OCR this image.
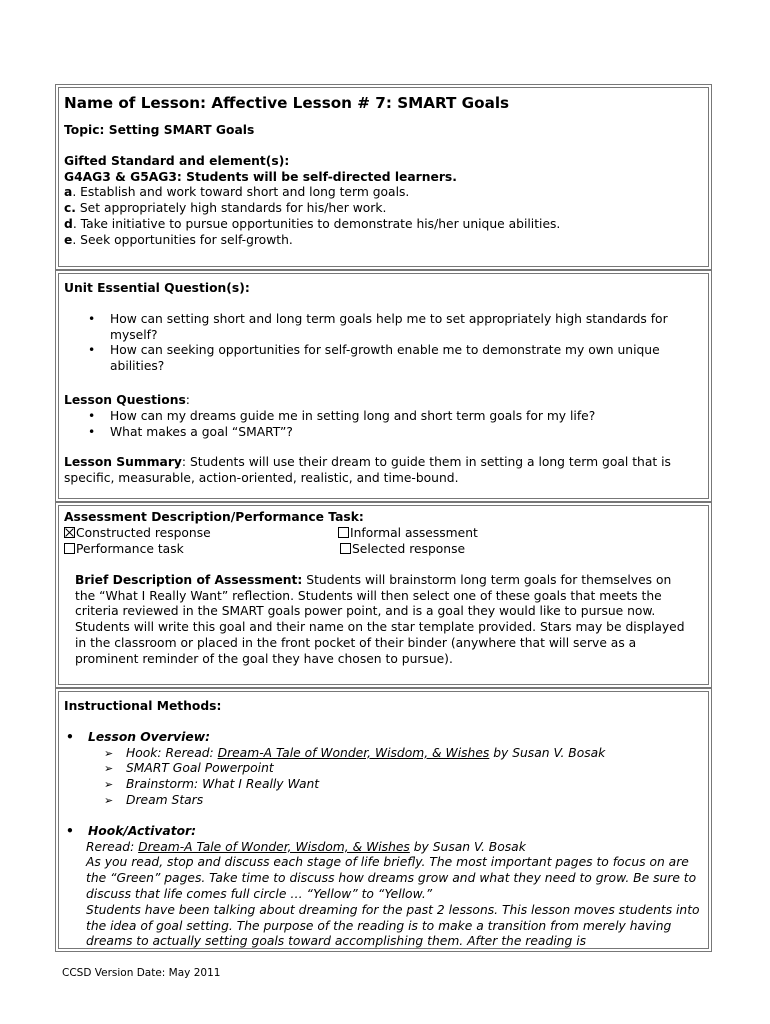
Name of Lesson: Affective Lesson # 7: SMART Goals

Topic: Setting SMART Goals

Gifted Standard and element(s):

G4AG3 & G5AG3: Students will be self-directed learners.

a. Establish and work toward short and long term goals.

c. Set appropriately high standards for his/her work.

d. Take initiative to pursue opportunities to demonstrate his/her unique abilities.

e. Seek opportunities for self-growth.

Unit Essential Question(s):

• How can setting short and long term goals help me to set appropriately high standards for myself?
• How can seeking opportunities for self-growth enable me to demonstrate my own unique abilities?

Lesson Questions:

• How can my dreams guide me in setting long and short term goals for my life?
• What makes a goal “SMART”?

Lesson Summary: Students will use their dream to guide them in setting a long term goal that is specific, measurable, action-oriented, realistic, and time-bound.

Assessment Description/Performance Task:

Constructed response	Informal assessment
Performance task	Selected response

Brief Description of Assessment: Students will brainstorm long term goals for themselves on the “What I Really Want” reflection. Students will then select one of these goals that meets the criteria reviewed in the SMART goals power point, and is a goal they would like to pursue now. Students will write this goal and their name on the star template provided. Stars may be displayed in the classroom or placed in the front pocket of their binder (anywhere that will serve as a prominent reminder of the goal they have chosen to pursue).

Instructional Methods:

• Lesson Overview:

➢ Hook: Reread: Dream-A Tale of Wonder, Wisdom, & Wishes by Susan V. Bosak

➢ SMART Goal Powerpoint

➢ Brainstorm: What I Really Want

➢ Dream Stars

• Hook/Activator:

Reread: Dream-A Tale of Wonder, Wisdom, & Wishes by Susan V. Bosak

As you read, stop and discuss each stage of life briefly. The most important pages to focus on are the “Green” pages. Take time to discuss how dreams grow and what they need to grow. Be sure to discuss that life comes full circle … “Yellow” to “Yellow.”

Students have been talking about dreaming for the past 2 lessons. This lesson moves students into the idea of goal setting. The purpose of the reading is to make a transition from merely having dreams to actually setting goals toward accomplishing them. After the reading is

CCSD Version Date: May 2011
